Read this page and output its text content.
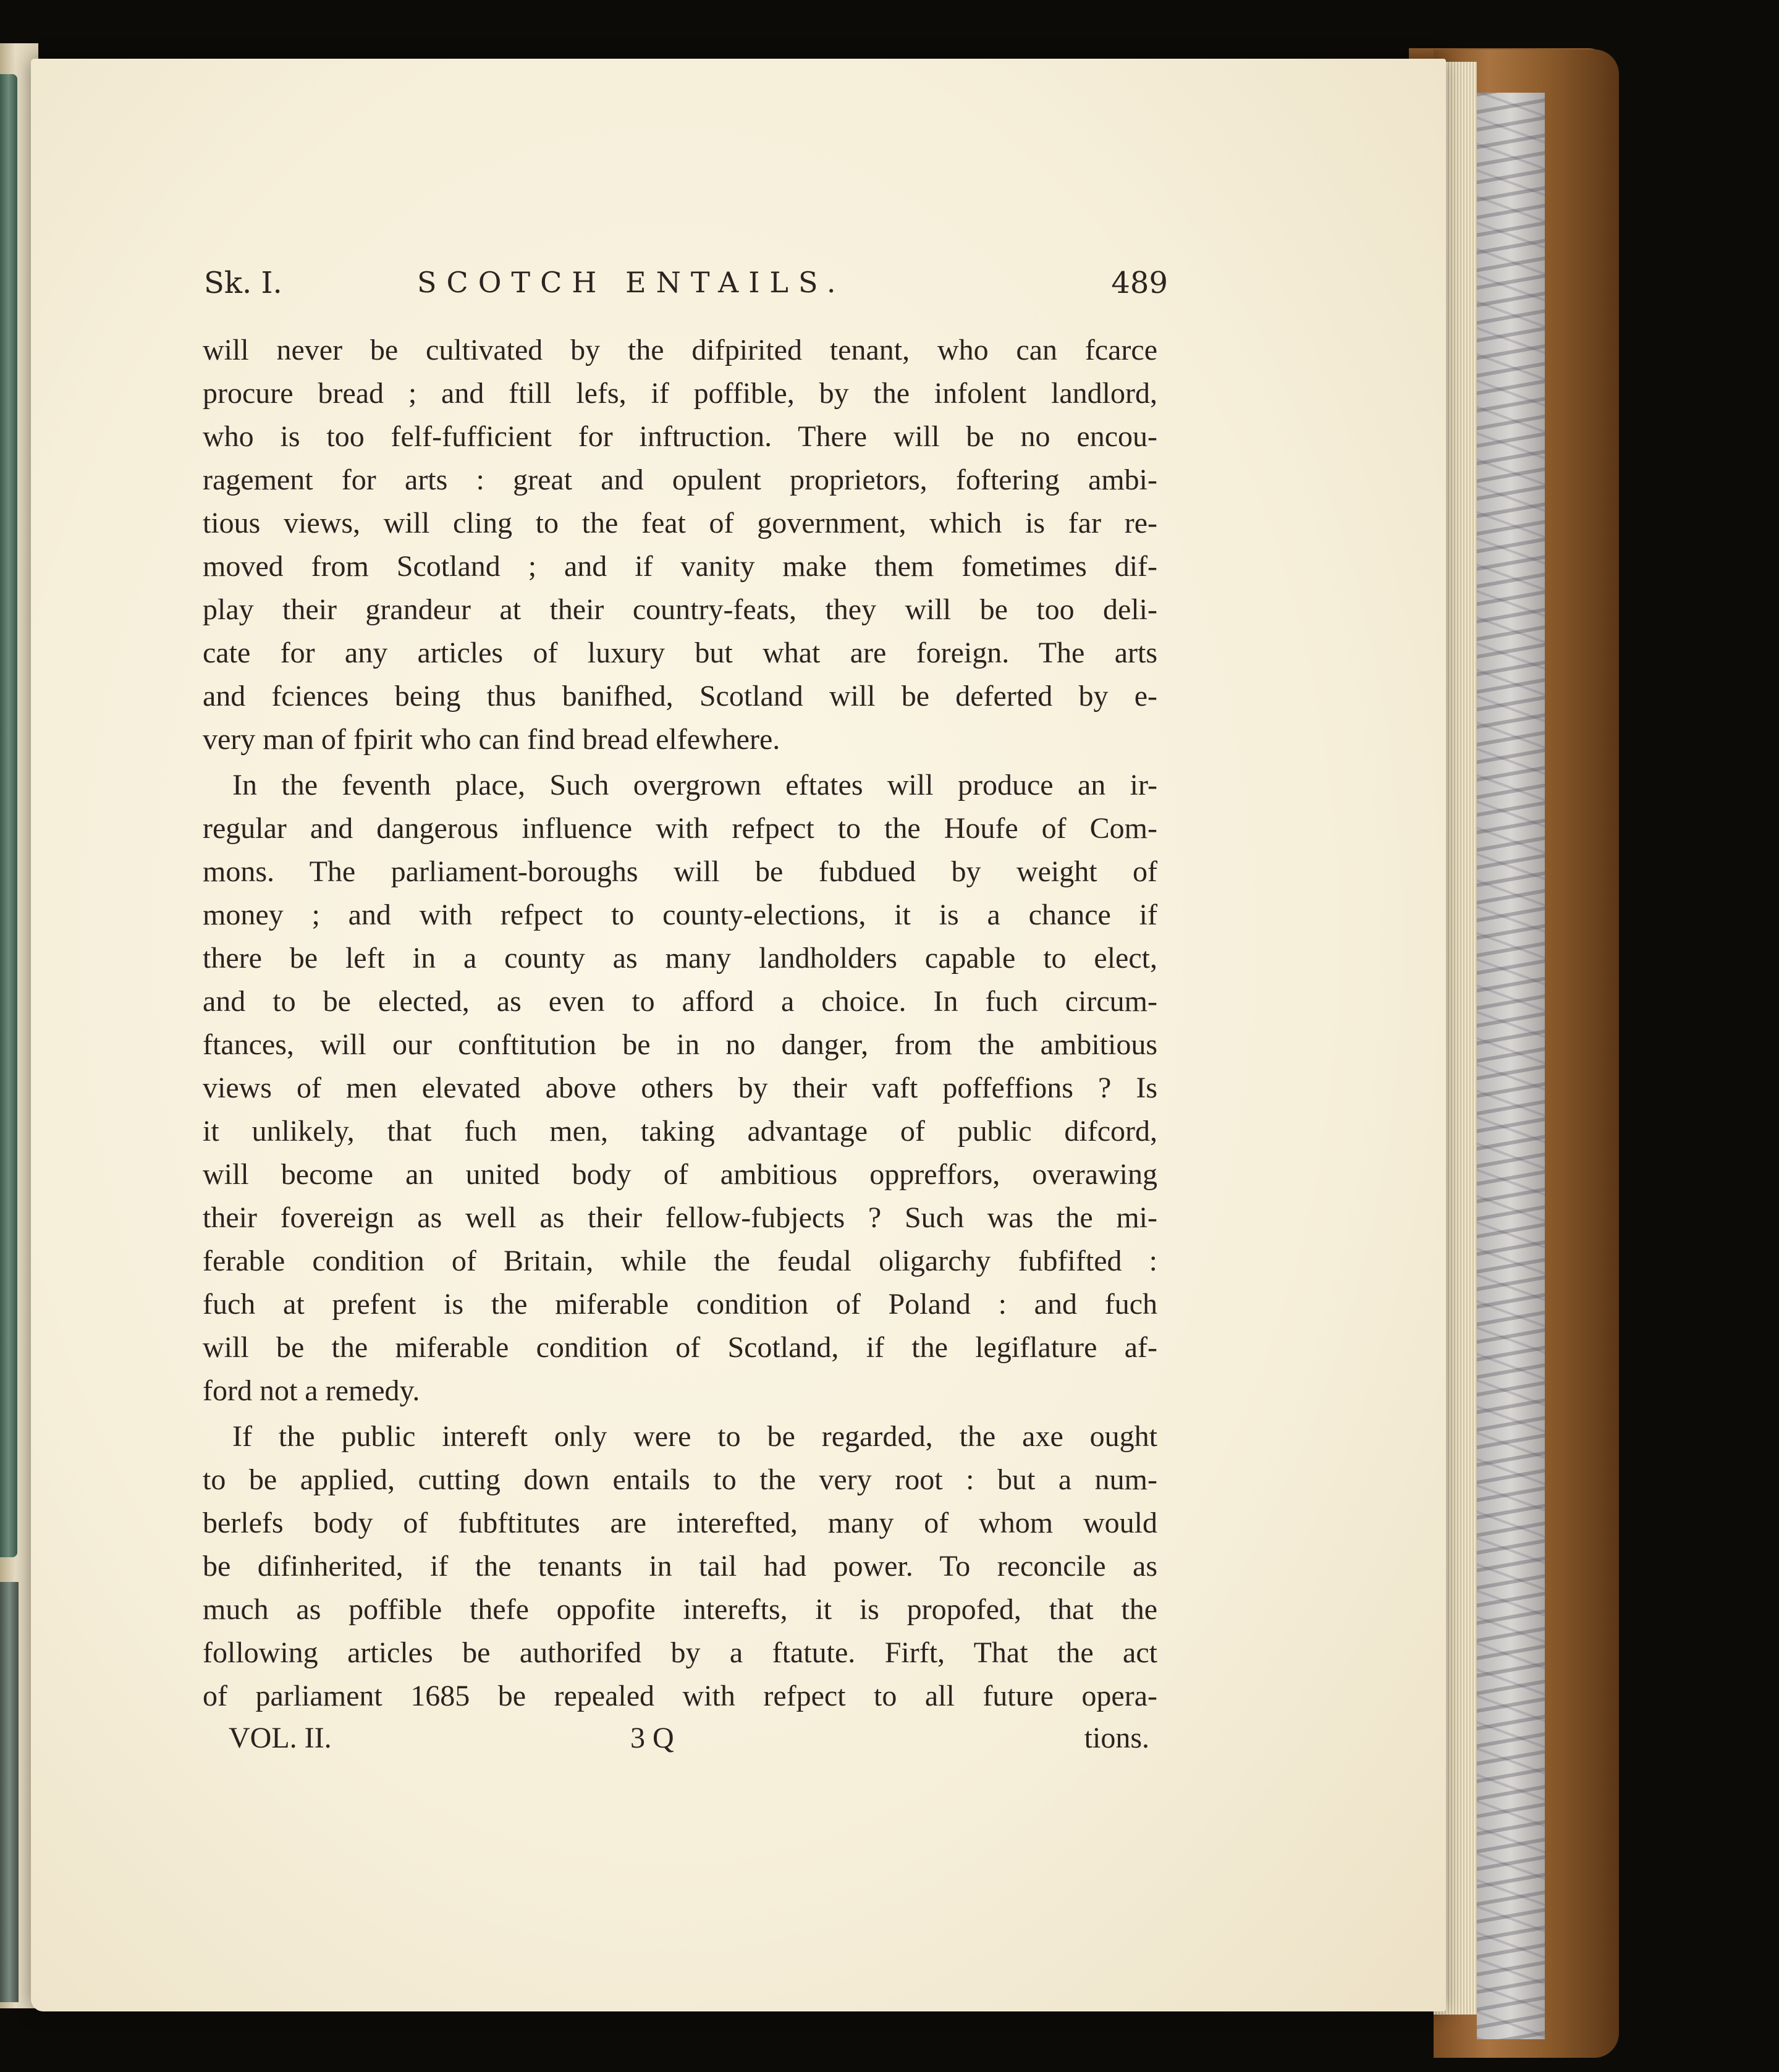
Sk. I.	SCOTCH ENTAILS.	489
will never be cultivated by the difpirited tenant, who can fcarce
procure bread ; and ftill lefs, if poffible, by the infolent landlord,
who is too felf-fufficient for inftruction. There will be no encou-
ragement for arts : great and opulent proprietors, foftering ambi-
tious views, will cling to the feat of government, which is far re-
moved from Scotland ; and if vanity make them fometimes dif-
play their grandeur at their country-feats, they will be too deli-
cate for any articles of luxury but what are foreign. The arts
and fciences being thus banifhed, Scotland will be deferted by e-
very man of fpirit who can find bread elfewhere.
In the feventh place, Such overgrown eftates will produce an ir-
regular and dangerous influence with refpect to the Houfe of Com-
mons. The parliament-boroughs will be fubdued by weight of
money ; and with refpect to county-elections, it is a chance if
there be left in a county as many landholders capable to elect,
and to be elected, as even to afford a choice. In fuch circum-
ftances, will our conftitution be in no danger, from the ambitious
views of men elevated above others by their vaft poffeffions ? Is
it unlikely, that fuch men, taking advantage of public difcord,
will become an united body of ambitious oppreffors, overawing
their fovereign as well as their fellow-fubjects ? Such was the mi-
ferable condition of Britain, while the feudal oligarchy fubfifted :
fuch at prefent is the miferable condition of Poland : and fuch
will be the miferable condition of Scotland, if the legiflature af-
ford not a remedy.
If the public intereft only were to be regarded, the axe ought
to be applied, cutting down entails to the very root : but a num-
berlefs body of fubftitutes are interefted, many of whom would
be difinherited, if the tenants in tail had power. To reconcile as
much as poffible thefe oppofite interefts, it is propofed, that the
following articles be authorifed by a ftatute. Firft, That the act
of parliament 1685 be repealed with refpect to all future opera-
VOL. II.	3 Q	tions.
